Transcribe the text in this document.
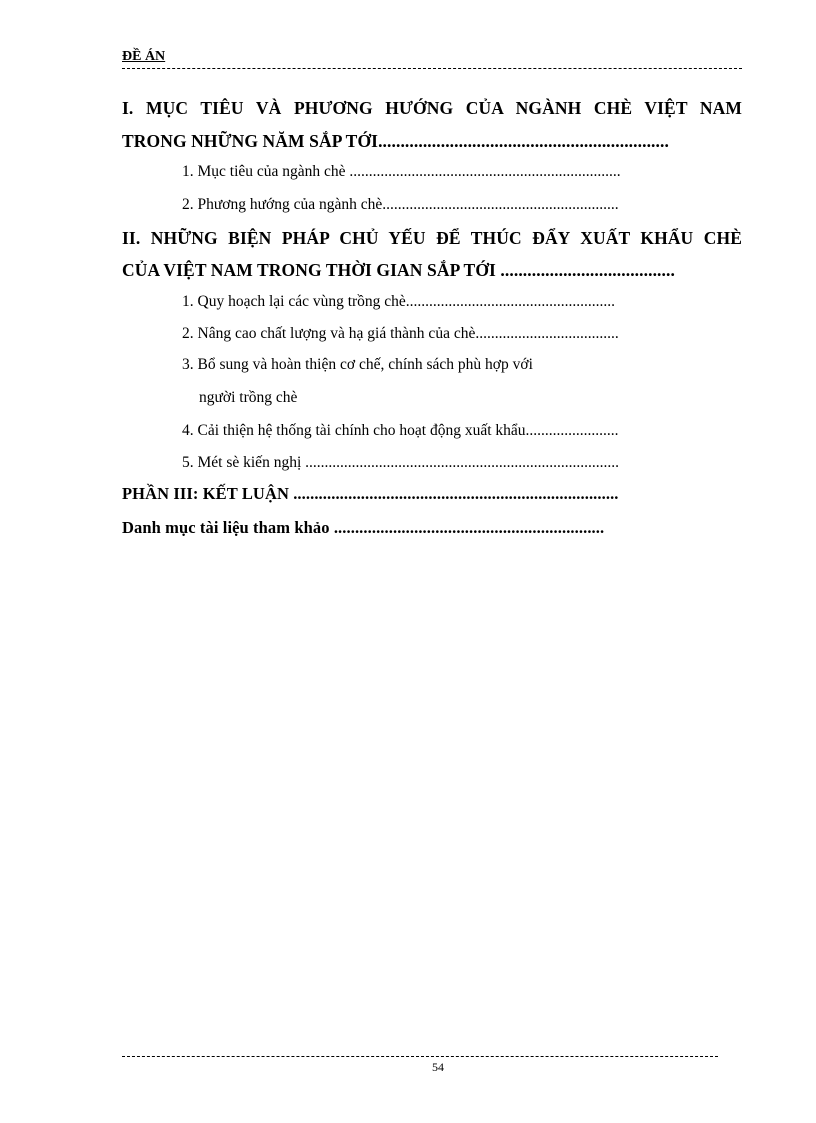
ĐỀ ÁN
I. MỤC TIÊU VÀ PHƯƠNG HƯỚNG CỦA NGÀNH CHÈ VIỆT NAM
TRONG NHỮNG NĂM SẮP TỚI.................................................................
1. Mục tiêu của ngành chè ......................................................................
2. Phương hướng của ngành chè.............................................................
II. NHỮNG BIỆN PHÁP CHỦ YẾU ĐỂ THÚC ĐẨY XUẤT KHẨU CHÈ
CỦA VIỆT NAM TRONG THỜI GIAN SẮP TỚI .......................................
1. Quy hoạch lại các vùng trồng chè......................................................
2. Nâng cao chất lượng và hạ giá thành của chè.....................................
3. Bổ sung và hoàn thiện cơ chế, chính sách phù hợp với
người trồng chè
4. Cải thiện hệ thống tài chính cho hoạt động xuất khẩu........................
5. Mét sè kiến nghị .................................................................................
PHẦN III: KẾT LUẬN .............................................................................
Danh mục tài liệu tham khảo ................................................................
54
